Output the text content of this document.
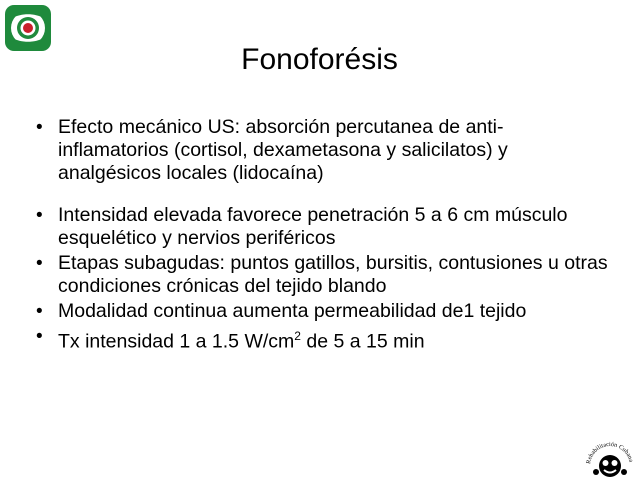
Fonoforésis
• Efecto mecánico US: absorción percutanea de anti-inflamatorios (cortisol, dexametasona y salicilatos) y analgésicos locales (lidocaína)
• Intensidad elevada favorece penetración 5 a 6 cm músculo esquelético y nervios periféricos
• Etapas subagudas: puntos gatillos, bursitis, contusiones u otras condiciones crónicas del tejido blando
• Modalidad continua aumenta permeabilidad de1 tejido
• Tx intensidad 1 a 1.5 $W/cm^2$ de 5 a 15 min
Rehabilitación Cubana
